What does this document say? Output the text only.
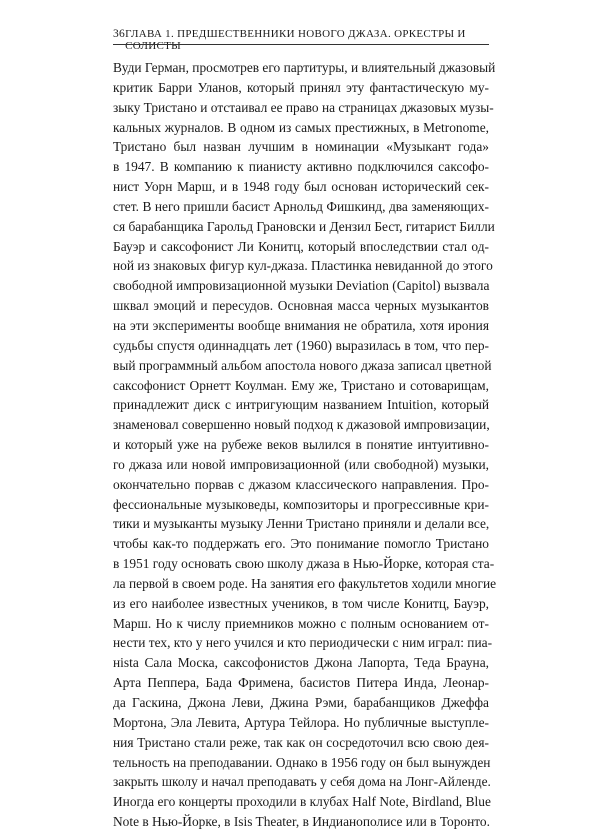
36 ГЛАВА 1. ПРЕДШЕСТВЕННИКИ НОВОГО ДЖАЗА. ОРКЕСТРЫ И СОЛИСТЫ
Вуди Герман, просмотрев его партитуры, и влиятельный джазовый
критик Барри Уланов, который принял эту фантастическую му-
зыку Тристано и отстаивал ее право на страницах джазовых музы-
кальных журналов. В одном из самых престижных, в Metronome,
Тристано был назван лучшим в номинации «Музыкант года»
в 1947. В компанию к пианисту активно подключился саксофо-
нист Уорн Марш, и в 1948 году был основан исторический сек-
стет. В него пришли басист Арнольд Фишкинд, два заменяющих-
ся барабанщика Гарольд Грановски и Дензил Бест, гитарист Билли
Бауэр и саксофонист Ли Конитц, который впоследствии стал од-
ной из знаковых фигур кул-джаза. Пластинка невиданной до этого
свободной импровизационной музыки Deviation (Capitol) вызвала
шквал эмоций и пересудов. Основная масса черных музыкантов
на эти эксперименты вообще внимания не обратила, хотя ирония
судьбы спустя одиннадцать лет (1960) выразилась в том, что пер-
вый программный альбом апостола нового джаза записал цветной
саксофонист Орнетт Коулман. Ему же, Тристано и сотоварищам,
принадлежит диск с интригующим названием Intuition, который
знаменовал совершенно новый подход к джазовой импровизации,
и который уже на рубеже веков вылился в понятие интуитивно-
го джаза или новой импровизационной (или свободной) музыки,
окончательно порвав с джазом классического направления. Про-
фессиональные музыковеды, композиторы и прогрессивные кри-
тики и музыканты музыку Ленни Тристано приняли и делали все,
чтобы как-то поддержать его. Это понимание помогло Тристано
в 1951 году основать свою школу джаза в Нью-Йорке, которая ста-
ла первой в своем роде. На занятия его факультетов ходили многие
из его наиболее известных учеников, в том числе Конитц, Бауэр,
Марш. Но к числу приемников можно с полным основанием от-
нести тех, кто у него учился и кто периодически с ним играл: пиа-
нista Сала Моска, саксофонистов Джона Лапорта, Теда Брауна,
Арта Пеппера, Бада Фримена, басистов Питера Инда, Леонар-
да Гаскина, Джона Леви, Джина Рэми, барабанщиков Джеффа
Мортона, Эла Левита, Артура Тейлора. Но публичные выступле-
ния Тристано стали реже, так как он сосредоточил всю свою дея-
тельность на преподавании. Однако в 1956 году он был вынужден
закрыть школу и начал преподавать у себя дома на Лонг-Айленде.
Иногда его концерты проходили в клубах Half Note, Birdland, Blue
Note в Нью-Йорке, в Isis Theater, в Индианополисе или в Торонто.
